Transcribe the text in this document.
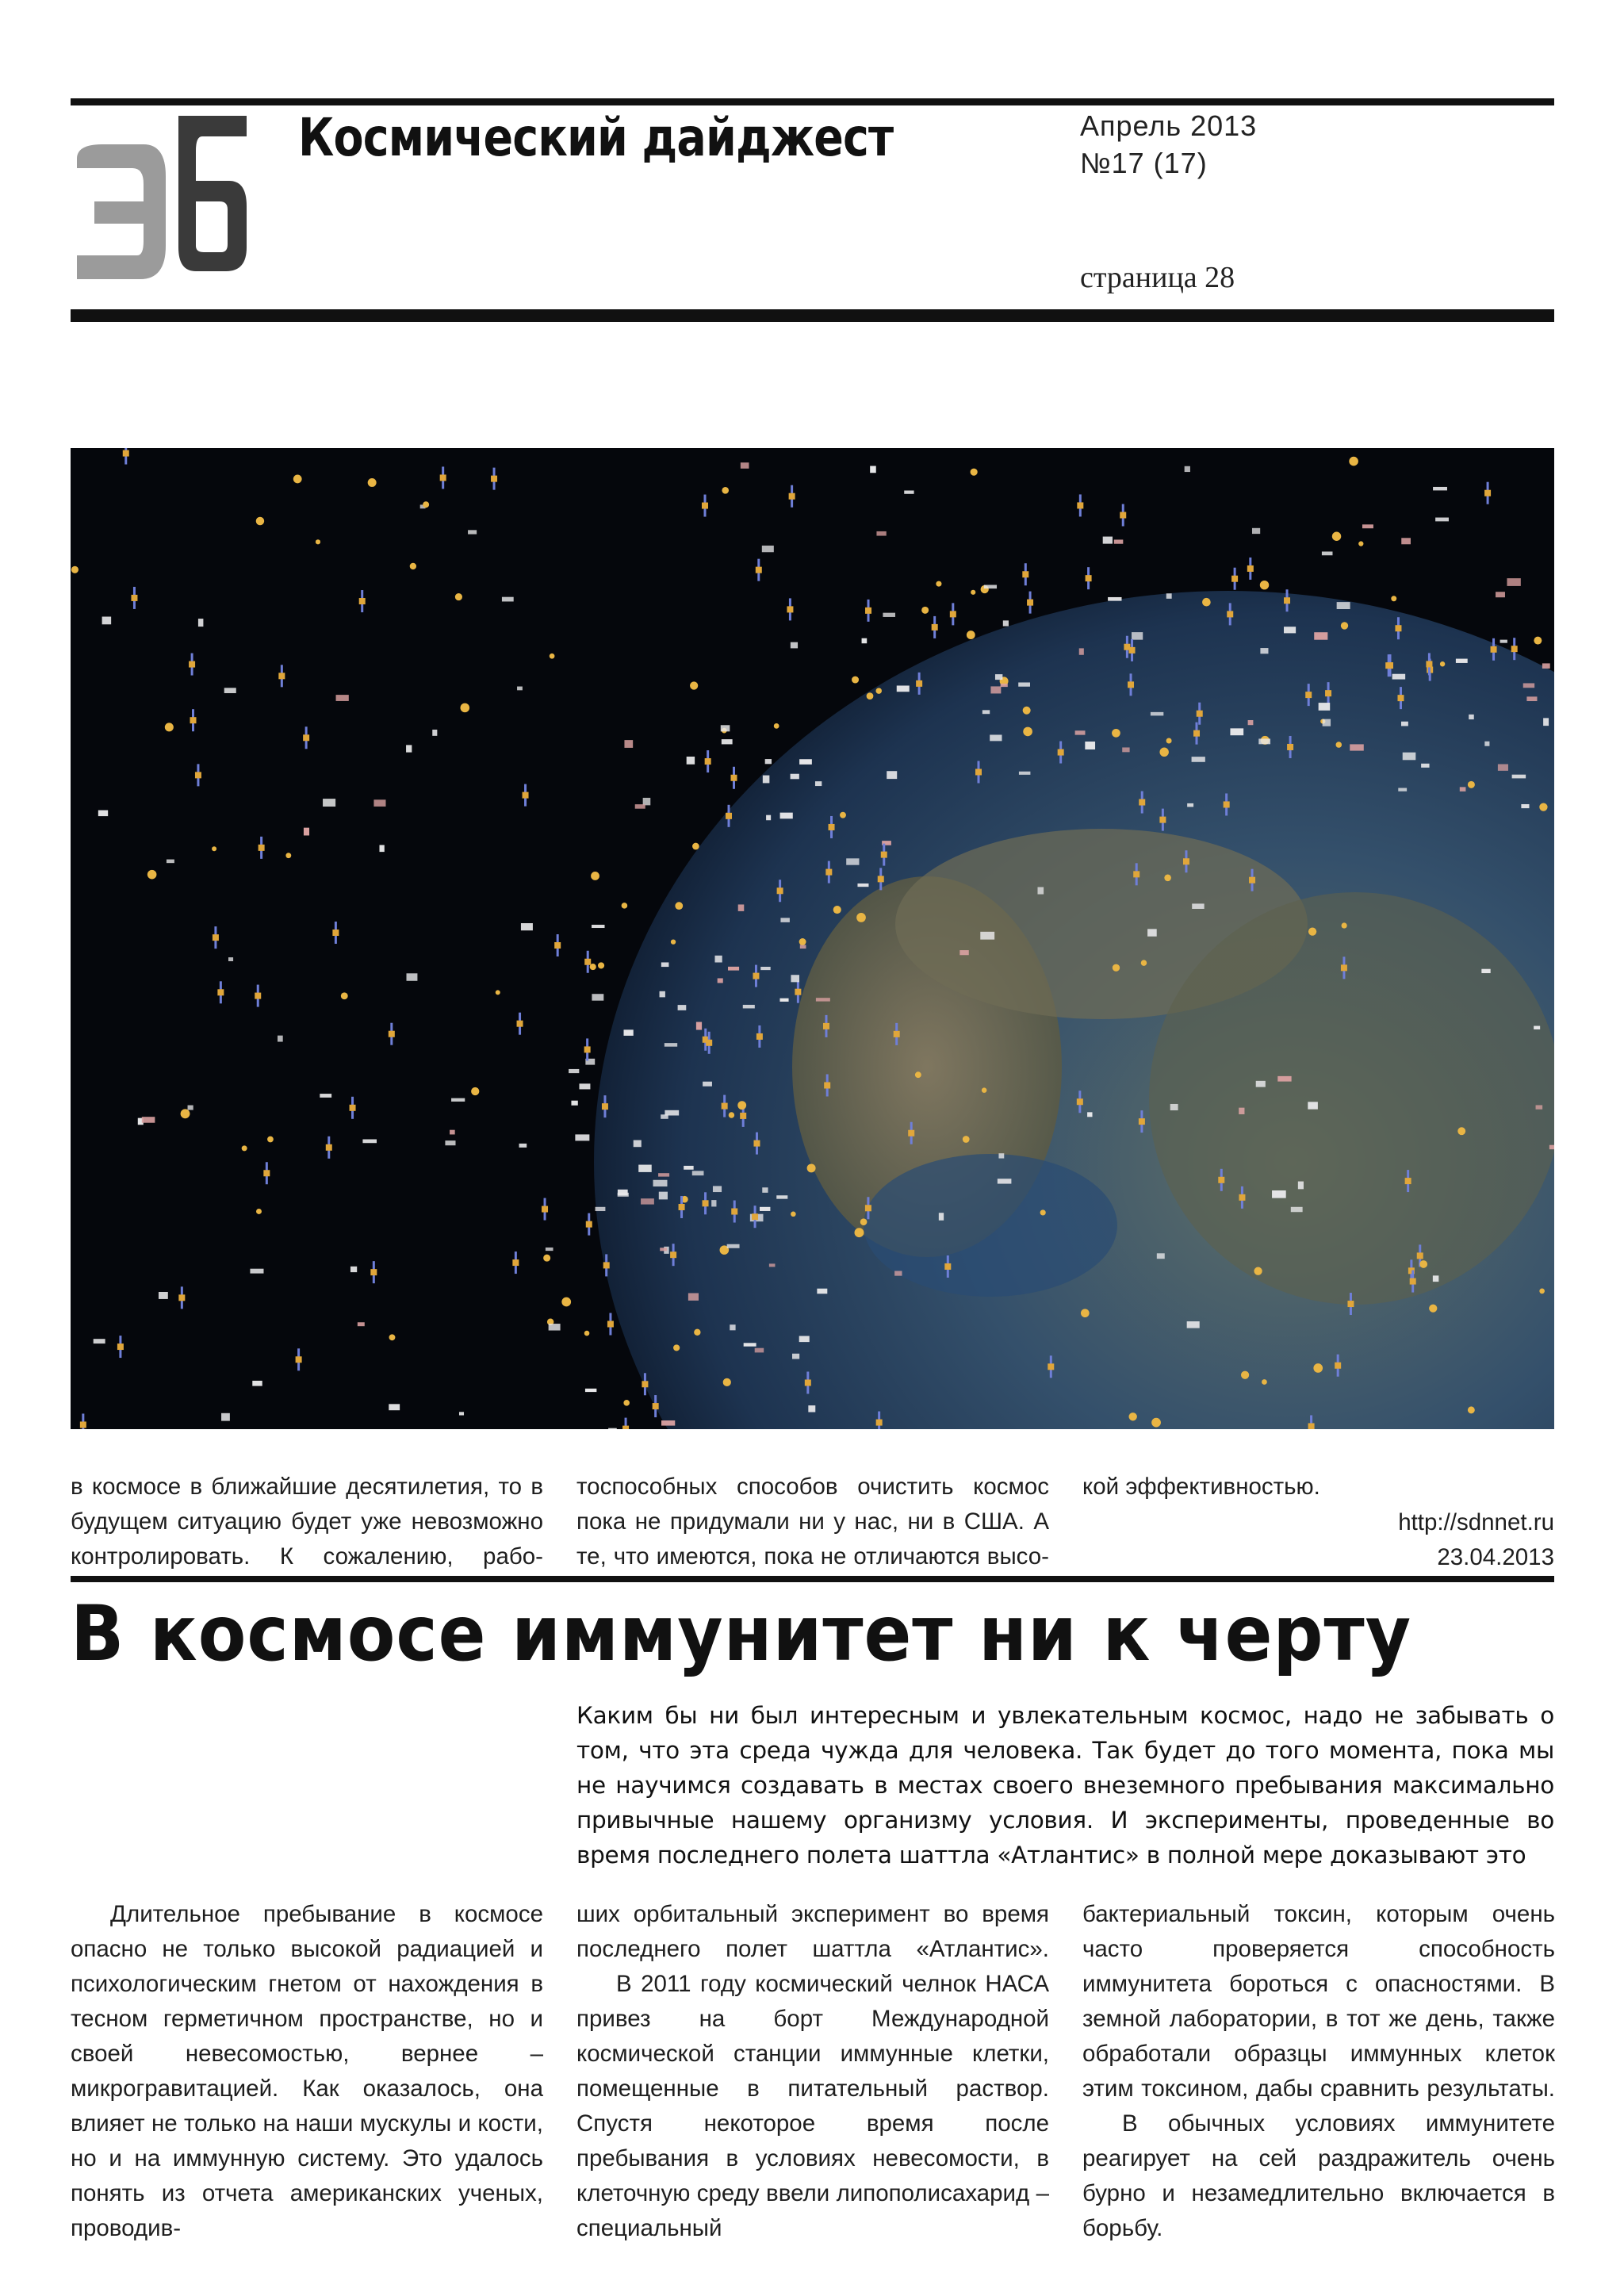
Космический дайджест	Апрель 2013

№17 (17)

страница 28

в космосе в ближайшие десятилетия, то в будущем ситуацию будет уже невозможно контролировать. К сожалению, рабо-

тоспособных способов очистить космос пока не придумали ни у нас, ни в США. А те, что имеются, пока не отличаются высо-

кой эффективностью.

http://sdnnet.ru
23.04.2013
В космосе иммунитет ни к черту

Каким бы ни был интересным и увлекательным космос, надо не забывать о том, что эта среда чужда для человека. Так будет до того момента, пока мы не научимся создавать в местах своего внеземного пребывания максимально привычные нашему организму условия. И эксперименты, проведенные во время последнего полета шаттла «Атлантис» в полной мере доказывают это

Длительное пребывание в космосе опасно не только высокой радиацией и психологическим гнетом от нахождения в тесном герметичном пространстве, но и своей невесомостью, вернее – микрогравитацией. Как оказалось, она влияет не только на наши мускулы и кости, но и на иммунную систему. Это удалось понять из отчета американских ученых, проводив-

ших орбитальный эксперимент во время последнего полет шаттла «Атлантис».

В 2011 году космический челнок НАСА привез на борт Международной космической станции иммунные клетки, помещенные в питательный раствор. Спустя некоторое время после пребывания в условиях невесомости, в клеточную среду ввели липополисахарид – специальный

бактериальный токсин, которым очень часто проверяется способность иммунитета бороться с опасностями. В земной лаборатории, в тот же день, также обработали образцы иммунных клеток этим токсином, дабы сравнить результаты.

В обычных условиях иммунитете реагирует на сей раздражитель очень бурно и незамедлительно включается в борьбу.
